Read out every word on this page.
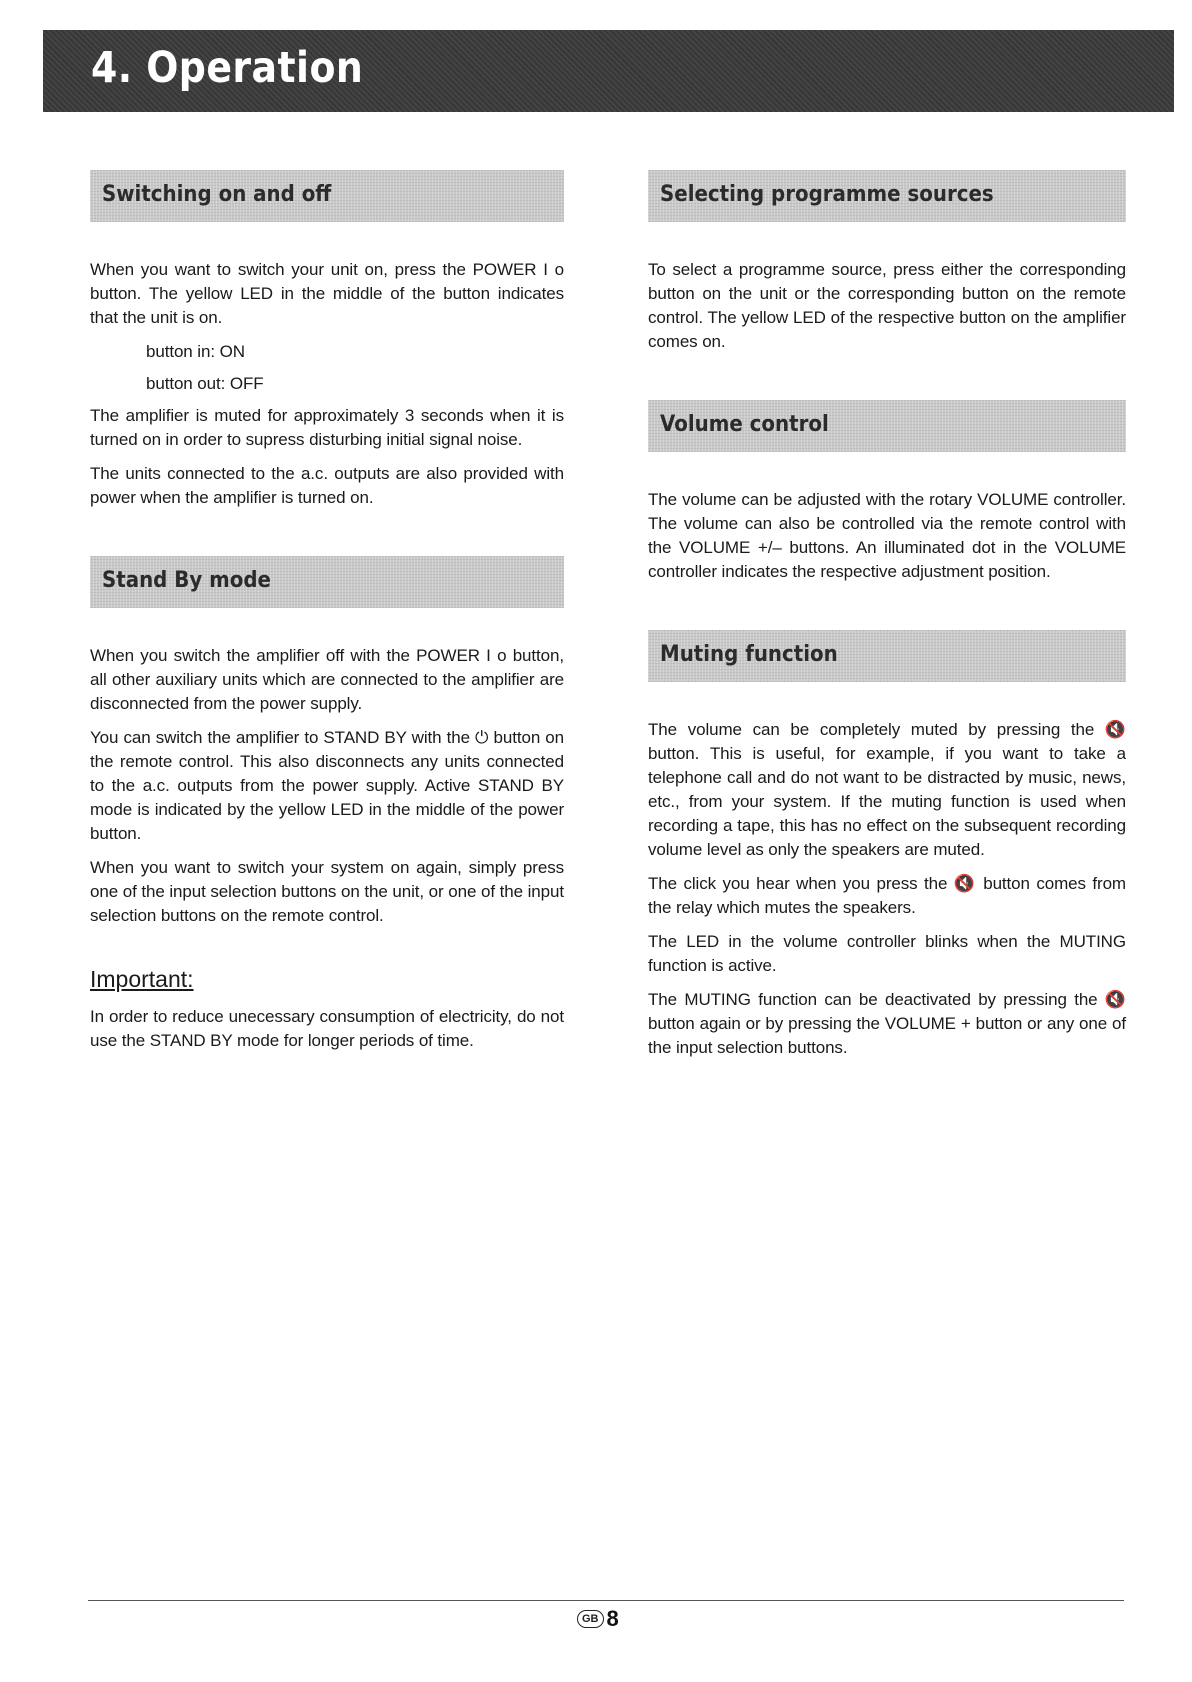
4. Operation
Switching on and off

When you want to switch your unit on, press the POWER I o button. The yellow LED in the middle of the button indicates that the unit is on.

button in: ON

button out: OFF

The amplifier is muted for approximately 3 seconds when it is turned on in order to supress disturbing initial signal noise.

The units connected to the a.c. outputs are also provided with power when the amplifier is turned on.

Stand By mode

When you switch the amplifier off with the POWER I o button, all other auxiliary units which are connected to the amplifier are disconnected from the power supply.

You can switch the amplifier to STAND BY with the ⏻ button on the remote control. This also disconnects any units connected to the a.c. outputs from the power supply. Active STAND BY mode is indicated by the yellow LED in the middle of the power button.

When you want to switch your system on again, simply press one of the input selection buttons on the unit, or one of the input selection buttons on the remote control.

Important:

In order to reduce unecessary consumption of electricity, do not use the STAND BY mode for longer periods of time.

Selecting programme sources

To select a programme source, press either the corresponding button on the unit or the corresponding button on the remote control. The yellow LED of the respective button on the amplifier comes on.

Volume control

The volume can be adjusted with the rotary VOLUME controller. The volume can also be controlled via the remote control with the VOLUME +/– buttons. An illuminated dot in the VOLUME controller indicates the respective adjustment position.

Muting function

The volume can be completely muted by pressing the 🔇 button. This is useful, for example, if you want to take a telephone call and do not want to be distracted by music, news, etc., from your system. If the muting function is used when recording a tape, this has no effect on the subsequent recording volume level as only the speakers are muted.

The click you hear when you press the 🔇 button comes from the relay which mutes the speakers.

The LED in the volume controller blinks when the MUTING function is active.

The MUTING function can be deactivated by pressing the 🔇 button again or by pressing the VOLUME + button or any one of the input selection buttons.

GB 8
